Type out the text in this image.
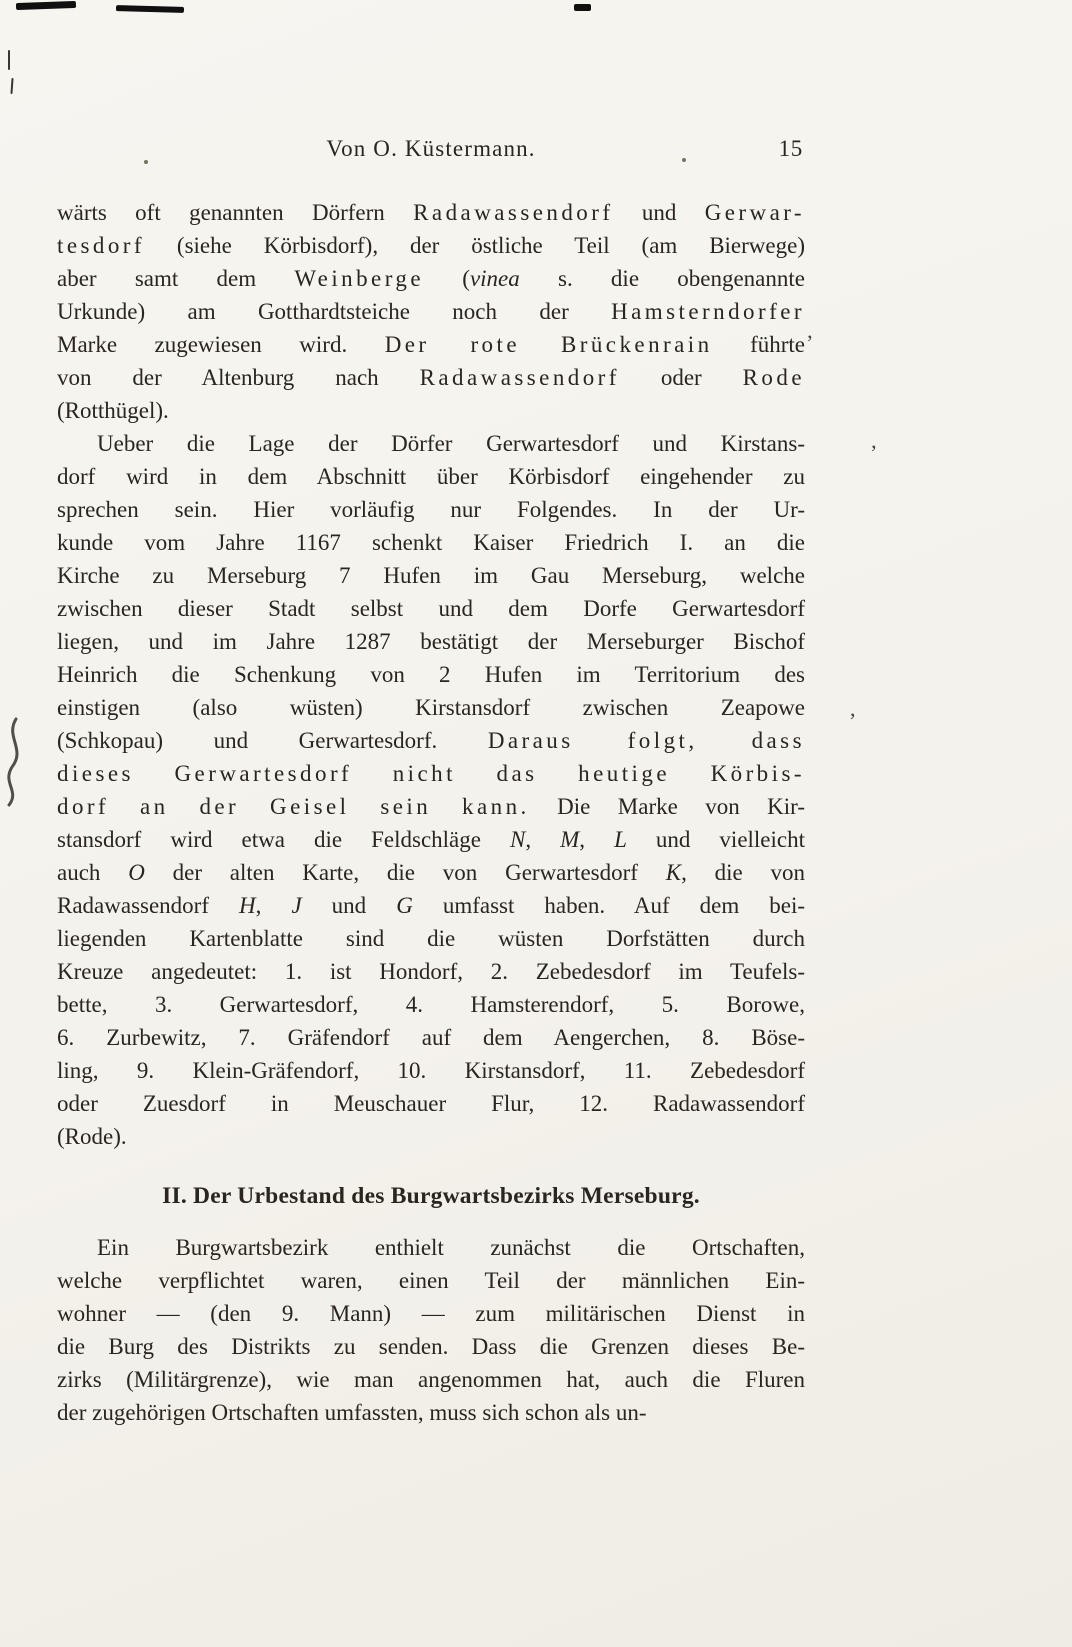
’
,
’
Von O. Küstermann.	15
wärts oft genannten Dörfern Radawassendorf und Gerwar-
tesdorf (siehe Körbisdorf), der östliche Teil (am Bierwege)
aber samt dem Weinberge (vinea s. die obengenannte
Urkunde) am Gotthardtsteiche noch der Hamsterndorfer
Marke zugewiesen wird. Der rote Brückenrain führte
von der Altenburg nach Radawassendorf oder Rode
(Rotthügel).
Ueber die Lage der Dörfer Gerwartesdorf und Kirstans-
dorf wird in dem Abschnitt über Körbisdorf eingehender zu
sprechen sein. Hier vorläufig nur Folgendes. In der Ur-
kunde vom Jahre 1167 schenkt Kaiser Friedrich I. an die
Kirche zu Merseburg 7 Hufen im Gau Merseburg, welche
zwischen dieser Stadt selbst und dem Dorfe Gerwartesdorf
liegen, und im Jahre 1287 bestätigt der Merseburger Bischof
Heinrich die Schenkung von 2 Hufen im Territorium des
einstigen (also wüsten) Kirstansdorf zwischen Zeapowe
(Schkopau) und Gerwartesdorf. Daraus folgt, dass
dieses Gerwartesdorf nicht das heutige Körbis-
dorf an der Geisel sein kann. Die Marke von Kir-
stansdorf wird etwa die Feldschläge N, M, L und vielleicht
auch O der alten Karte, die von Gerwartesdorf K, die von
Radawassendorf H, J und G umfasst haben. Auf dem bei-
liegenden Kartenblatte sind die wüsten Dorfstätten durch
Kreuze angedeutet: 1. ist Hondorf, 2. Zebedesdorf im Teufels-
bette, 3. Gerwartesdorf, 4. Hamsterendorf, 5. Borowe,
6. Zurbewitz, 7. Gräfendorf auf dem Aengerchen, 8. Böse-
ling, 9. Klein-Gräfendorf, 10. Kirstansdorf, 11. Zebedesdorf
oder Zuesdorf in Meuschauer Flur, 12. Radawassendorf
(Rode).
II. Der Urbestand des Burgwartsbezirks Merseburg.
Ein Burgwartsbezirk enthielt zunächst die Ortschaften,
welche verpflichtet waren, einen Teil der männlichen Ein-
wohner — (den 9. Mann) — zum militärischen Dienst in
die Burg des Distrikts zu senden. Dass die Grenzen dieses Be-
zirks (Militärgrenze), wie man angenommen hat, auch die Fluren
der zugehörigen Ortschaften umfassten, muss sich schon als un-
